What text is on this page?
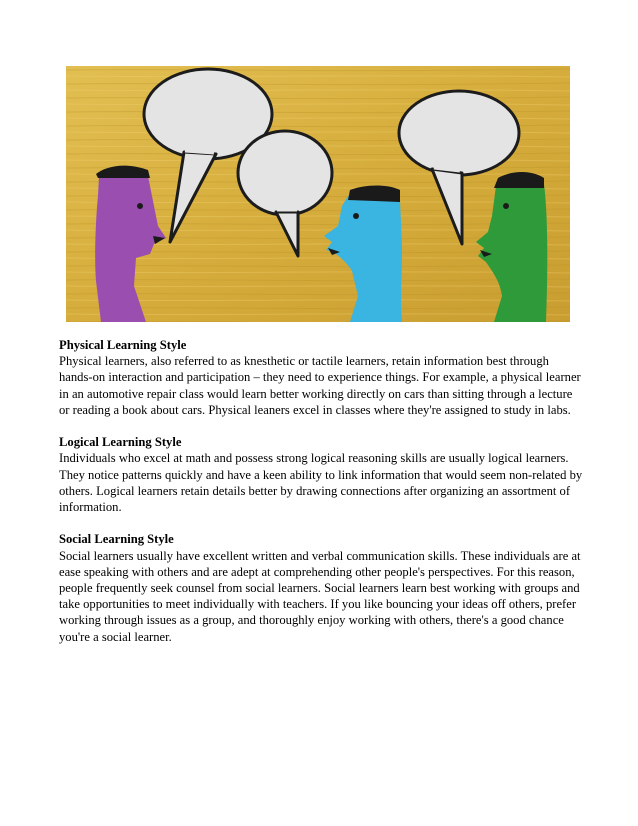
Physical Learning Style

Physical learners, also referred to as knesthetic or tactile learners, retain information best through hands-on interaction and participation – they need to experience things. For example, a physical learner in an automotive repair class would learn better working directly on cars than sitting through a lecture or reading a book about cars. Physical leaners excel in classes where they're assigned to study in labs.

Logical Learning Style

Individuals who excel at math and possess strong logical reasoning skills are usually logical learners. They notice patterns quickly and have a keen ability to link information that would seem non-related by others. Logical learners retain details better by drawing connections after organizing an assortment of information.

Social Learning Style

Social learners usually have excellent written and verbal communication skills. These individuals are at ease speaking with others and are adept at comprehending other people's perspectives. For this reason, people frequently seek counsel from social learners. Social learners learn best working with groups and take opportunities to meet individually with teachers. If you like bouncing your ideas off others, prefer working through issues as a group, and thoroughly enjoy working with others, there's a good chance you're a social learner.
